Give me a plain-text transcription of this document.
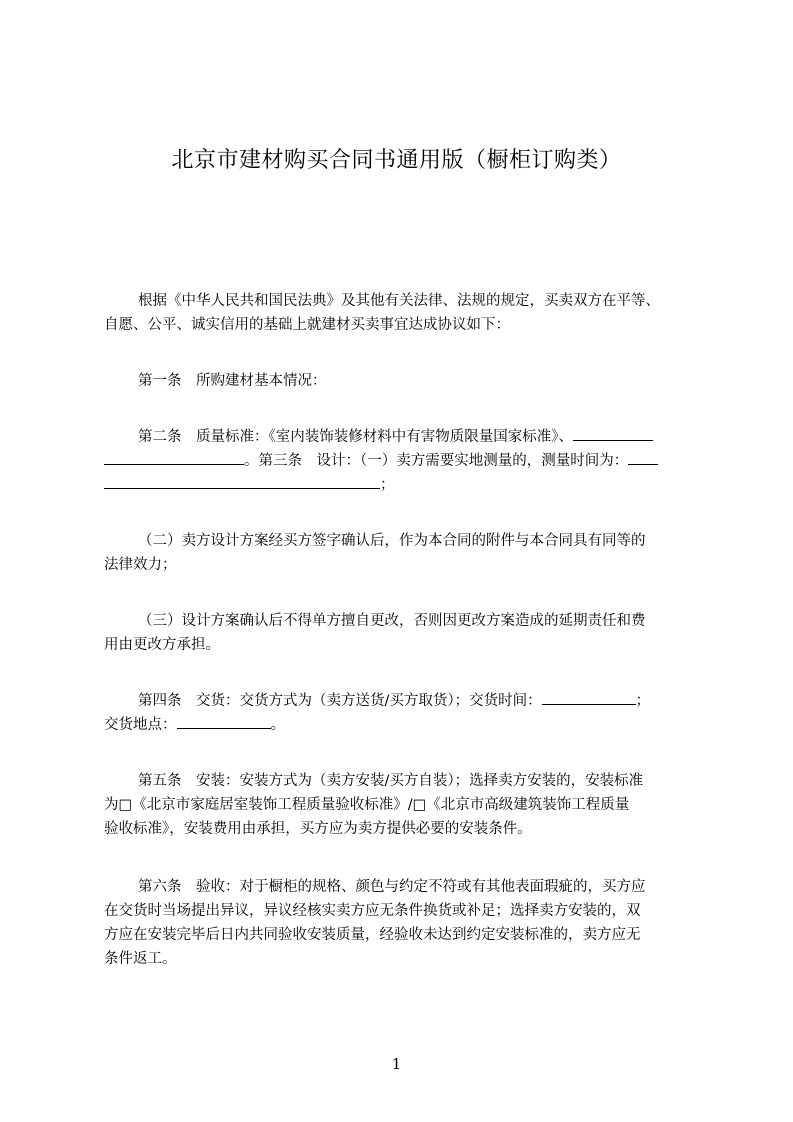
北京市建材购买合同书通用版（橱柜订购类）
根据《中华人民共和国民法典》及其他有关法律、法规的规定，买卖双方在平等、
自愿、公平、诚实信用的基础上就建材买卖事宜达成协议如下：
第一条　所购建材基本情况：
第二条　质量标准：《室内装饰装修材料中有害物质限量国家标准》、
。第三条　设计：（一）卖方需要实地测量的，测量时间为：
；
（二）卖方设计方案经买方签字确认后，作为本合同的附件与本合同具有同等的
法律效力；
（三）设计方案确认后不得单方擅自更改，否则因更改方案造成的延期责任和费
用由更改方承担。
第四条　交货：交货方式为（卖方送货/买方取货）；交货时间：	；
交货地点：	。
第五条　安装：安装方式为（卖方安装/买方自装）；选择卖方安装的，安装标准
为□《北京市家庭居室装饰工程质量验收标准》/□《北京市高级建筑装饰工程质量
验收标准》，安装费用由承担，买方应为卖方提供必要的安装条件。
第六条　验收：对于橱柜的规格、颜色与约定不符或有其他表面瑕疵的，买方应
在交货时当场提出异议，异议经核实卖方应无条件换货或补足；选择卖方安装的，双
方应在安装完毕后日内共同验收安装质量，经验收未达到约定安装标准的，卖方应无
条件返工。
1
